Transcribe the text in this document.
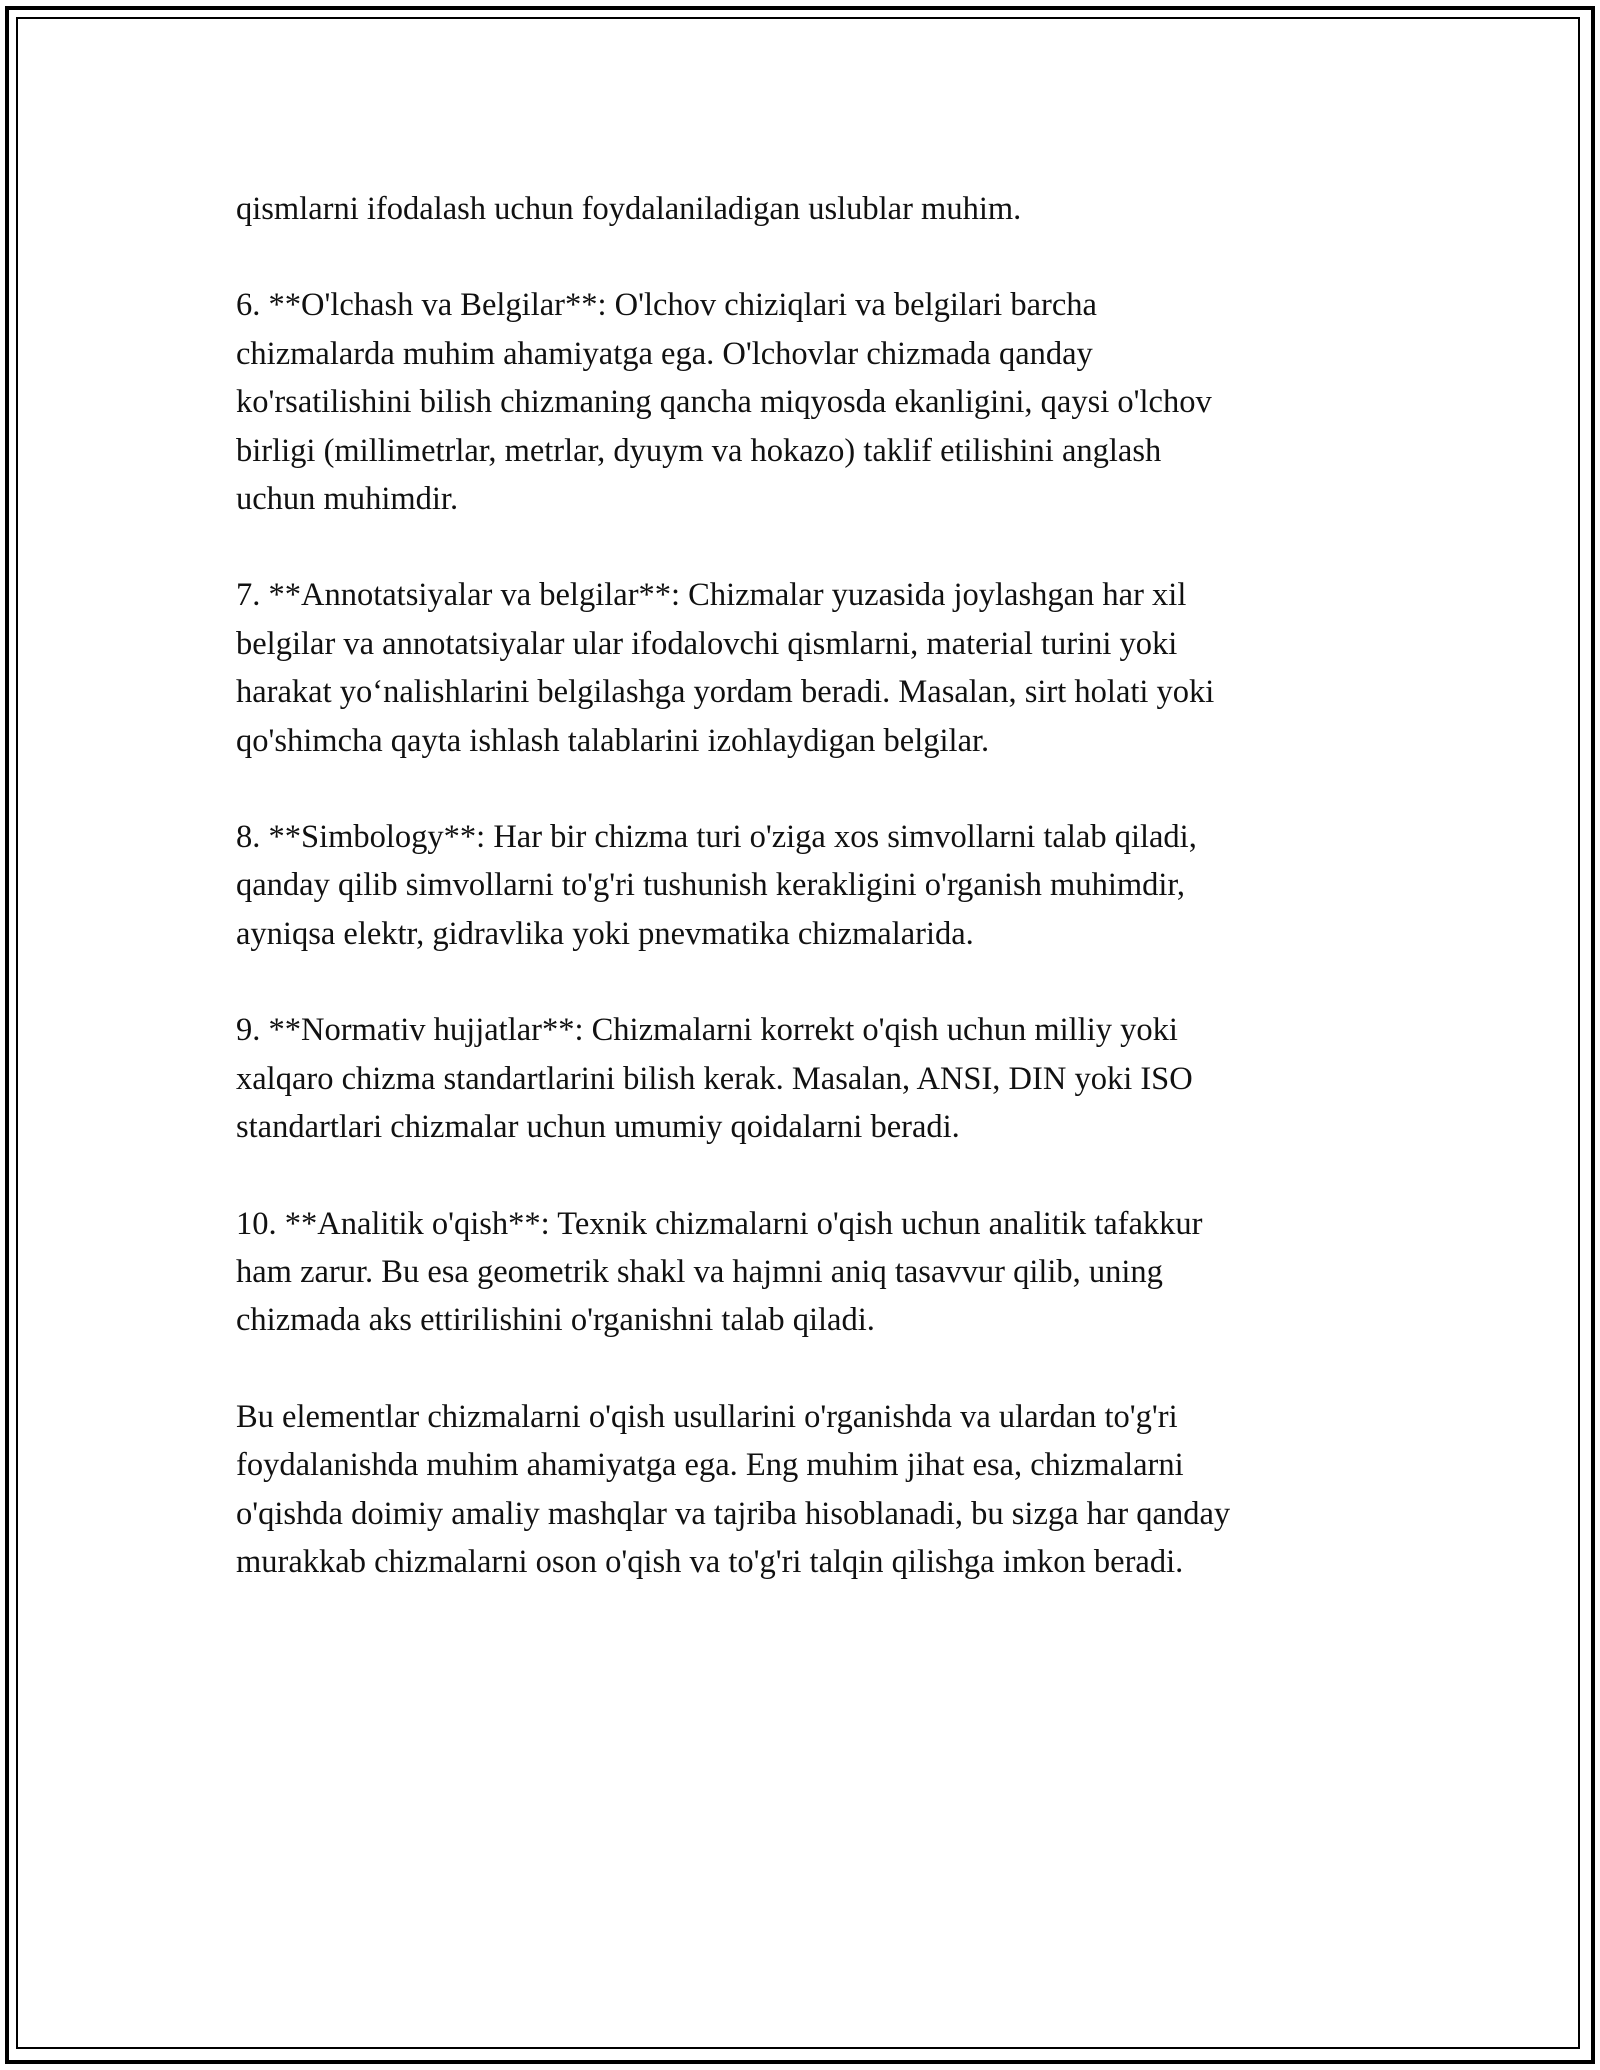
qismlarni ifodalash uchun foydalaniladigan uslublar muhim.

6. **O'lchash va Belgilar**: O'lchov chiziqlari va belgilari barcha
chizmalarda muhim ahamiyatga ega. O'lchovlar chizmada qanday
ko'rsatilishini bilish chizmaning qancha miqyosda ekanligini, qaysi o'lchov
birligi (millimetrlar, metrlar, dyuym va hokazo) taklif etilishini anglash
uchun muhimdir.

7. **Annotatsiyalar va belgilar**: Chizmalar yuzasida joylashgan har xil
belgilar va annotatsiyalar ular ifodalovchi qismlarni, material turini yoki
harakat yo‘nalishlarini belgilashga yordam beradi. Masalan, sirt holati yoki
qo'shimcha qayta ishlash talablarini izohlaydigan belgilar.

8. **Simbology**: Har bir chizma turi o'ziga xos simvollarni talab qiladi,
qanday qilib simvollarni to'g'ri tushunish kerakligini o'rganish muhimdir,
ayniqsa elektr, gidravlika yoki pnevmatika chizmalarida.

9. **Normativ hujjatlar**: Chizmalarni korrekt o'qish uchun milliy yoki
xalqaro chizma standartlarini bilish kerak. Masalan, ANSI, DIN yoki ISO
standartlari chizmalar uchun umumiy qoidalarni beradi.

10. **Analitik o'qish**: Texnik chizmalarni o'qish uchun analitik tafakkur
ham zarur. Bu esa geometrik shakl va hajmni aniq tasavvur qilib, uning
chizmada aks ettirilishini o'rganishni talab qiladi.

Bu elementlar chizmalarni o'qish usullarini o'rganishda va ulardan to'g'ri
foydalanishda muhim ahamiyatga ega. Eng muhim jihat esa, chizmalarni
o'qishda doimiy amaliy mashqlar va tajriba hisoblanadi, bu sizga har qanday
murakkab chizmalarni oson o'qish va to'g'ri talqin qilishga imkon beradi.
